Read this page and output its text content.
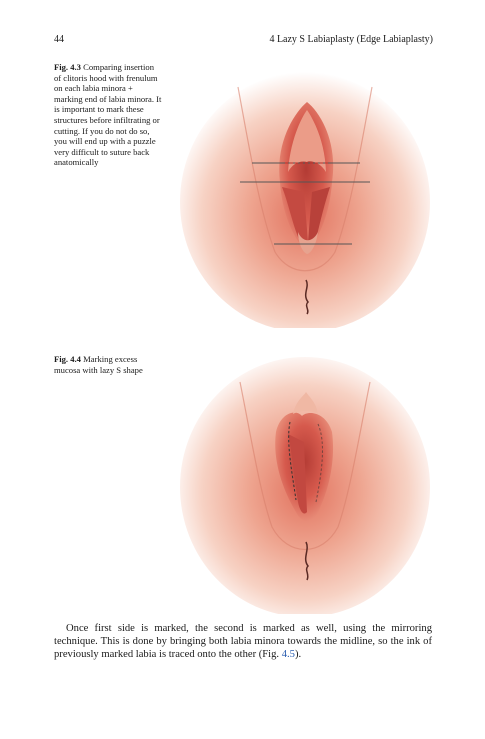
44	4 Lazy S Labiaplasty (Edge Labiaplasty)
Fig. 4.3 Comparing insertion of clitoris hood with frenulum on each labia minora + marking end of labia minora. It is important to mark these structures before infiltrating or cutting. If you do not do so, you will end up with a puzzle very difficult to suture back anatomically
Fig. 4.4 Marking excess mucosa with lazy S shape

Once first side is marked, the second is marked as well, using the mirroring technique. This is done by bringing both labia minora towards the midline, so the ink of previously marked labia is traced onto the other (Fig. 4.5).
